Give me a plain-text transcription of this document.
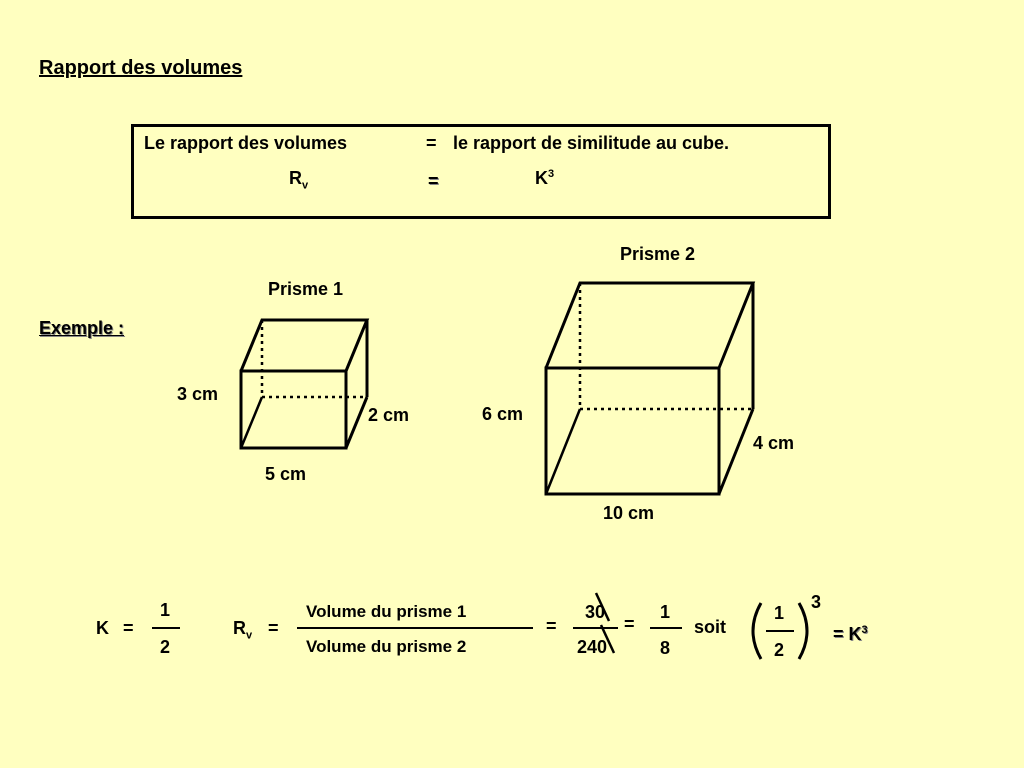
Rapport des volumes
Le rapport des volumes	= le rapport de similitude au cube.
$R_v$	=	$K^3$
Exemple :
Prisme 1
3 cm
2 cm
5 cm
Prisme 2
6 cm
4 cm
10 cm
K =
1
2
$R_v$ =
Volume du prisme 1
Volume du prisme 2
=
30
240
=
1
8
soit
1
2
3
= $K^3$
